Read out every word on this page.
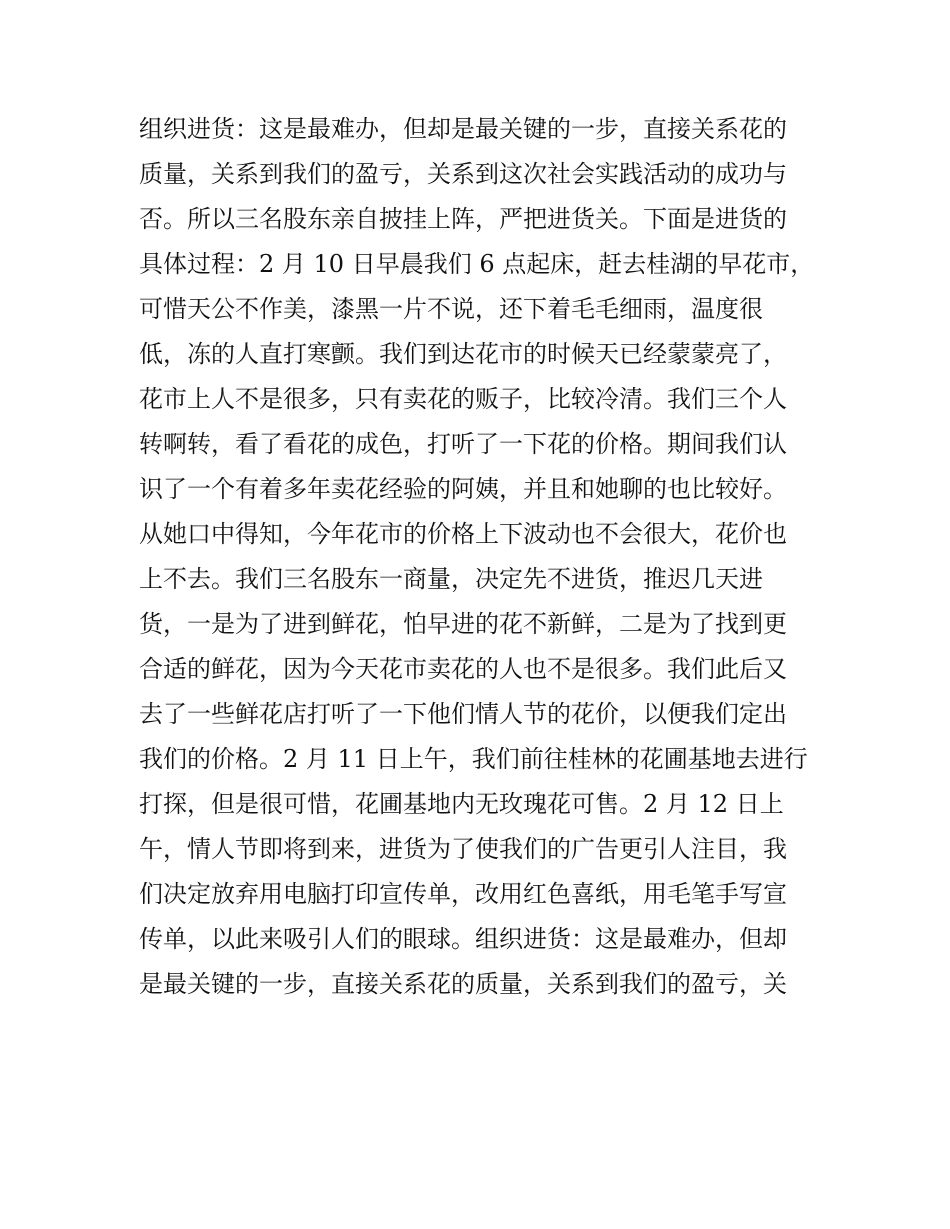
组织进货：这是最难办，但却是最关键的一步，直接关系花的
质量，关系到我们的盈亏，关系到这次社会实践活动的成功与
否。所以三名股东亲自披挂上阵，严把进货关。下面是进货的
具体过程：2 月 10 日早晨我们 6 点起床，赶去桂湖的早花市，
可惜天公不作美，漆黑一片不说，还下着毛毛细雨，温度很
低，冻的人直打寒颤。我们到达花市的时候天已经蒙蒙亮了，
花市上人不是很多，只有卖花的贩子，比较冷清。我们三个人
转啊转，看了看花的成色，打听了一下花的价格。期间我们认
识了一个有着多年卖花经验的阿姨，并且和她聊的也比较好。
从她口中得知，今年花市的价格上下波动也不会很大，花价也
上不去。我们三名股东一商量，决定先不进货，推迟几天进
货，一是为了进到鲜花，怕早进的花不新鲜，二是为了找到更
合适的鲜花，因为今天花市卖花的人也不是很多。我们此后又
去了一些鲜花店打听了一下他们情人节的花价，以便我们定出
我们的价格。2 月 11 日上午，我们前往桂林的花圃基地去进行
打探，但是很可惜，花圃基地内无玫瑰花可售。2 月 12 日上
午，情人节即将到来，进货为了使我们的广告更引人注目，我
们决定放弃用电脑打印宣传单，改用红色喜纸，用毛笔手写宣
传单，以此来吸引人们的眼球。组织进货：这是最难办，但却
是最关键的一步，直接关系花的质量，关系到我们的盈亏，关
